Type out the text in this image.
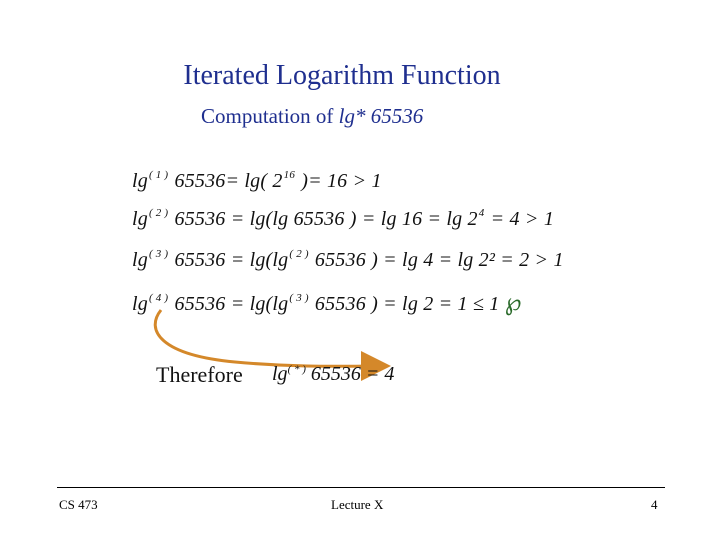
Iterated Logarithm Function
Computation of lg* 65536
$\lg^{( 1 )} 65536= \lg$( $2^{16}$ )= 16 > 1
$\lg^{( 2 )} 65536 = \lg(\lg$ 65536 ) = $\lg 16 = \lg 2^4 = 4 > 1$
$\lg^{( 3 )} 65536 = \lg(\lg^{( 2 )}$ 65536 ) = lg 4 = lg 2² = 2 > 1
$\lg^{( 4 )} 65536 = \lg(\lg^{( 3 )}$ 65536 ) = lg 2 = 1 ≤ 1 ℘
Therefore lg( * ) 65536 = 4
CS 473	Lecture X	4
